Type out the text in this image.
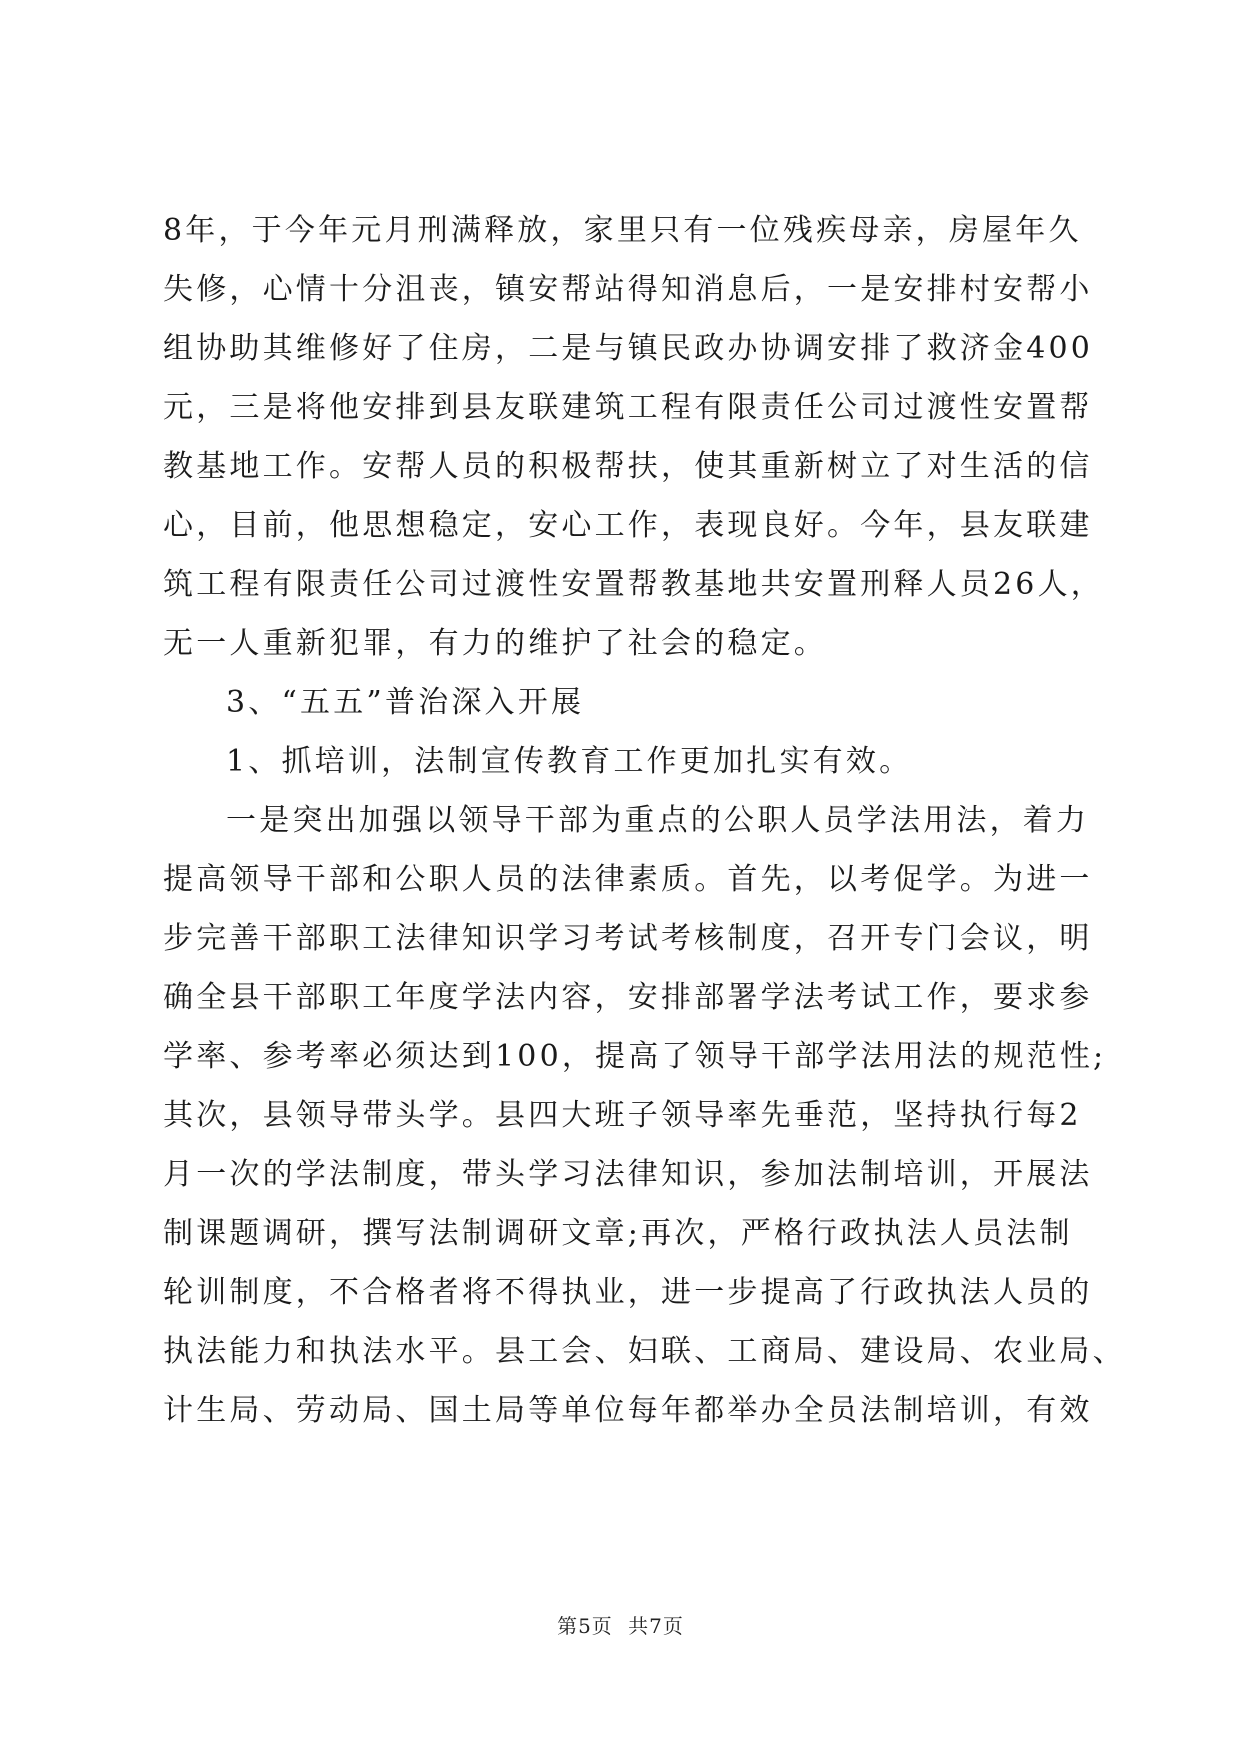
8年，于今年元月刑满释放，家里只有一位残疾母亲，房屋年久
失修，心情十分沮丧，镇安帮站得知消息后，一是安排村安帮小
组协助其维修好了住房，二是与镇民政办协调安排了救济金400
元，三是将他安排到县友联建筑工程有限责任公司过渡性安置帮
教基地工作。安帮人员的积极帮扶，使其重新树立了对生活的信
心，目前，他思想稳定，安心工作，表现良好。今年，县友联建
筑工程有限责任公司过渡性安置帮教基地共安置刑释人员26人，
无一人重新犯罪，有力的维护了社会的稳定。
3、“五五”普治深入开展
1、抓培训，法制宣传教育工作更加扎实有效。
一是突出加强以领导干部为重点的公职人员学法用法，着力
提高领导干部和公职人员的法律素质。首先，以考促学。为进一
步完善干部职工法律知识学习考试考核制度，召开专门会议，明
确全县干部职工年度学法内容，安排部署学法考试工作，要求参
学率、参考率必须达到100，提高了领导干部学法用法的规范性;
其次，县领导带头学。县四大班子领导率先垂范，坚持执行每2
月一次的学法制度，带头学习法律知识，参加法制培训，开展法
制课题调研，撰写法制调研文章;再次，严格行政执法人员法制
轮训制度，不合格者将不得执业，进一步提高了行政执法人员的
执法能力和执法水平。县工会、妇联、工商局、建设局、农业局、
计生局、劳动局、国土局等单位每年都举办全员法制培训，有效
第5页 共7页
